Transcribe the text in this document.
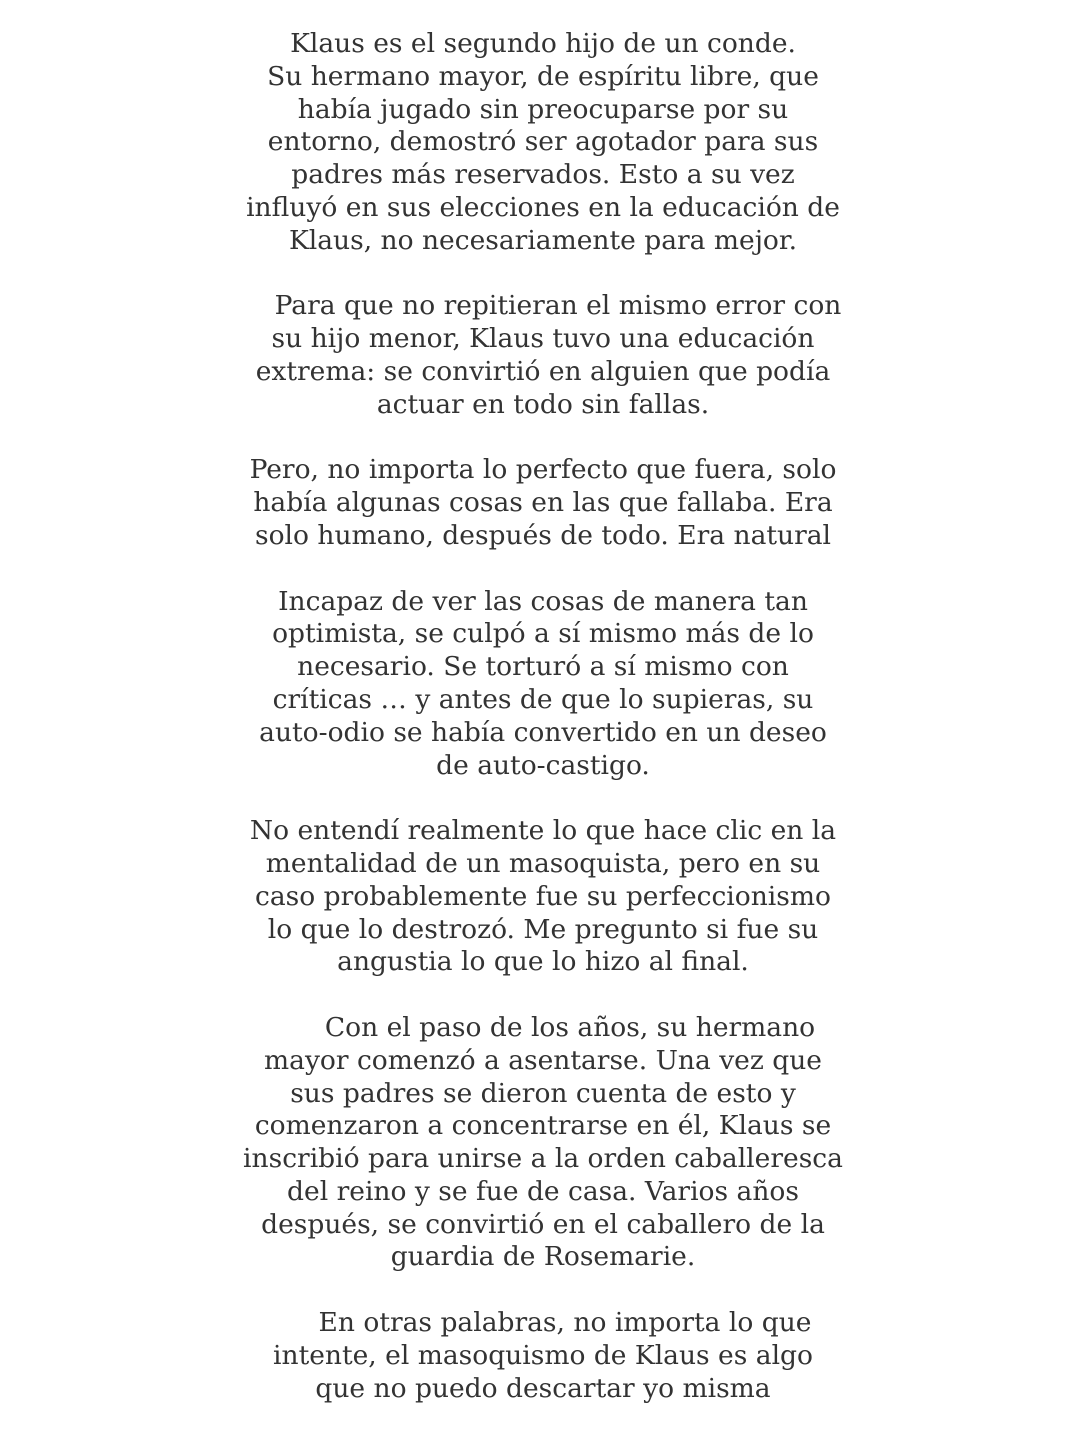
Klaus es el segundo hijo de un conde.
Su hermano mayor, de espíritu libre, que
había jugado sin preocuparse por su
entorno, demostró ser agotador para sus
padres más reservados. Esto a su vez
influyó en sus elecciones en la educación de
Klaus, no necesariamente para mejor.
Para que no repitieran el mismo error con
su hijo menor, Klaus tuvo una educación
extrema: se convirtió en alguien que podía
actuar en todo sin fallas.
Pero, no importa lo perfecto que fuera, solo
había algunas cosas en las que fallaba. Era
solo humano, después de todo. Era natural
Incapaz de ver las cosas de manera tan
optimista, se culpó a sí mismo más de lo
necesario. Se torturó a sí mismo con
críticas … y antes de que lo supieras, su
auto-odio se había convertido en un deseo
de auto-castigo.
No entendí realmente lo que hace clic en la
mentalidad de un masoquista, pero en su
caso probablemente fue su perfeccionismo
lo que lo destrozó. Me pregunto si fue su
angustia lo que lo hizo al final.
Con el paso de los años, su hermano
mayor comenzó a asentarse. Una vez que
sus padres se dieron cuenta de esto y
comenzaron a concentrarse en él, Klaus se
inscribió para unirse a la orden caballeresca
del reino y se fue de casa. Varios años
después, se convirtió en el caballero de la
guardia de Rosemarie.
En otras palabras, no importa lo que
intente, el masoquismo de Klaus es algo
que no puedo descartar yo misma
